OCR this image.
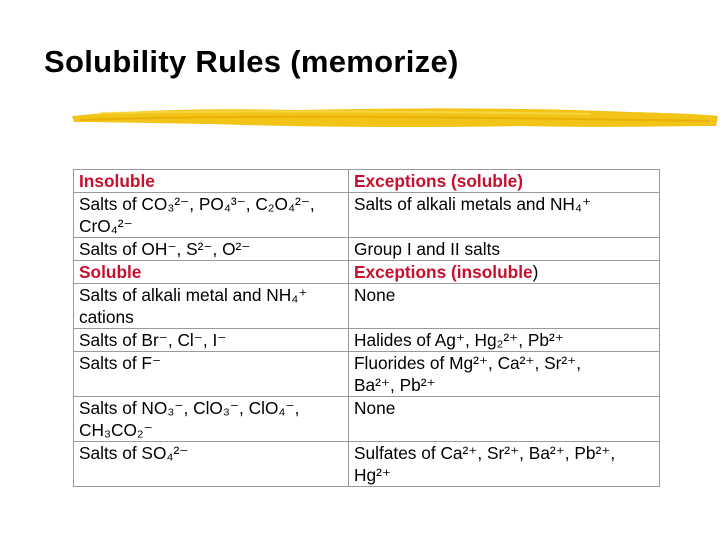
Solubility Rules (memorize)
Insoluble	Exceptions (soluble)
Salts of CO₃²⁻, PO₄³⁻, C₂O₄²⁻,
CrO₄²⁻	Salts of alkali metals and NH₄⁺
Salts of OH⁻, S²⁻, O²⁻	Group I and II salts
Soluble	Exceptions (insoluble)
Salts of alkali metal and NH₄⁺
cations	None
Salts of Br⁻, Cl⁻, I⁻	Halides of Ag⁺, Hg₂²⁺, Pb²⁺
Salts of F⁻	Fluorides of Mg²⁺, Ca²⁺, Sr²⁺,
Ba²⁺, Pb²⁺
Salts of NO₃⁻, ClO₃⁻, ClO₄⁻,
CH₃CO₂⁻	None
Salts of SO₄²⁻	Sulfates of Ca²⁺, Sr²⁺, Ba²⁺, Pb²⁺,
Hg²⁺
